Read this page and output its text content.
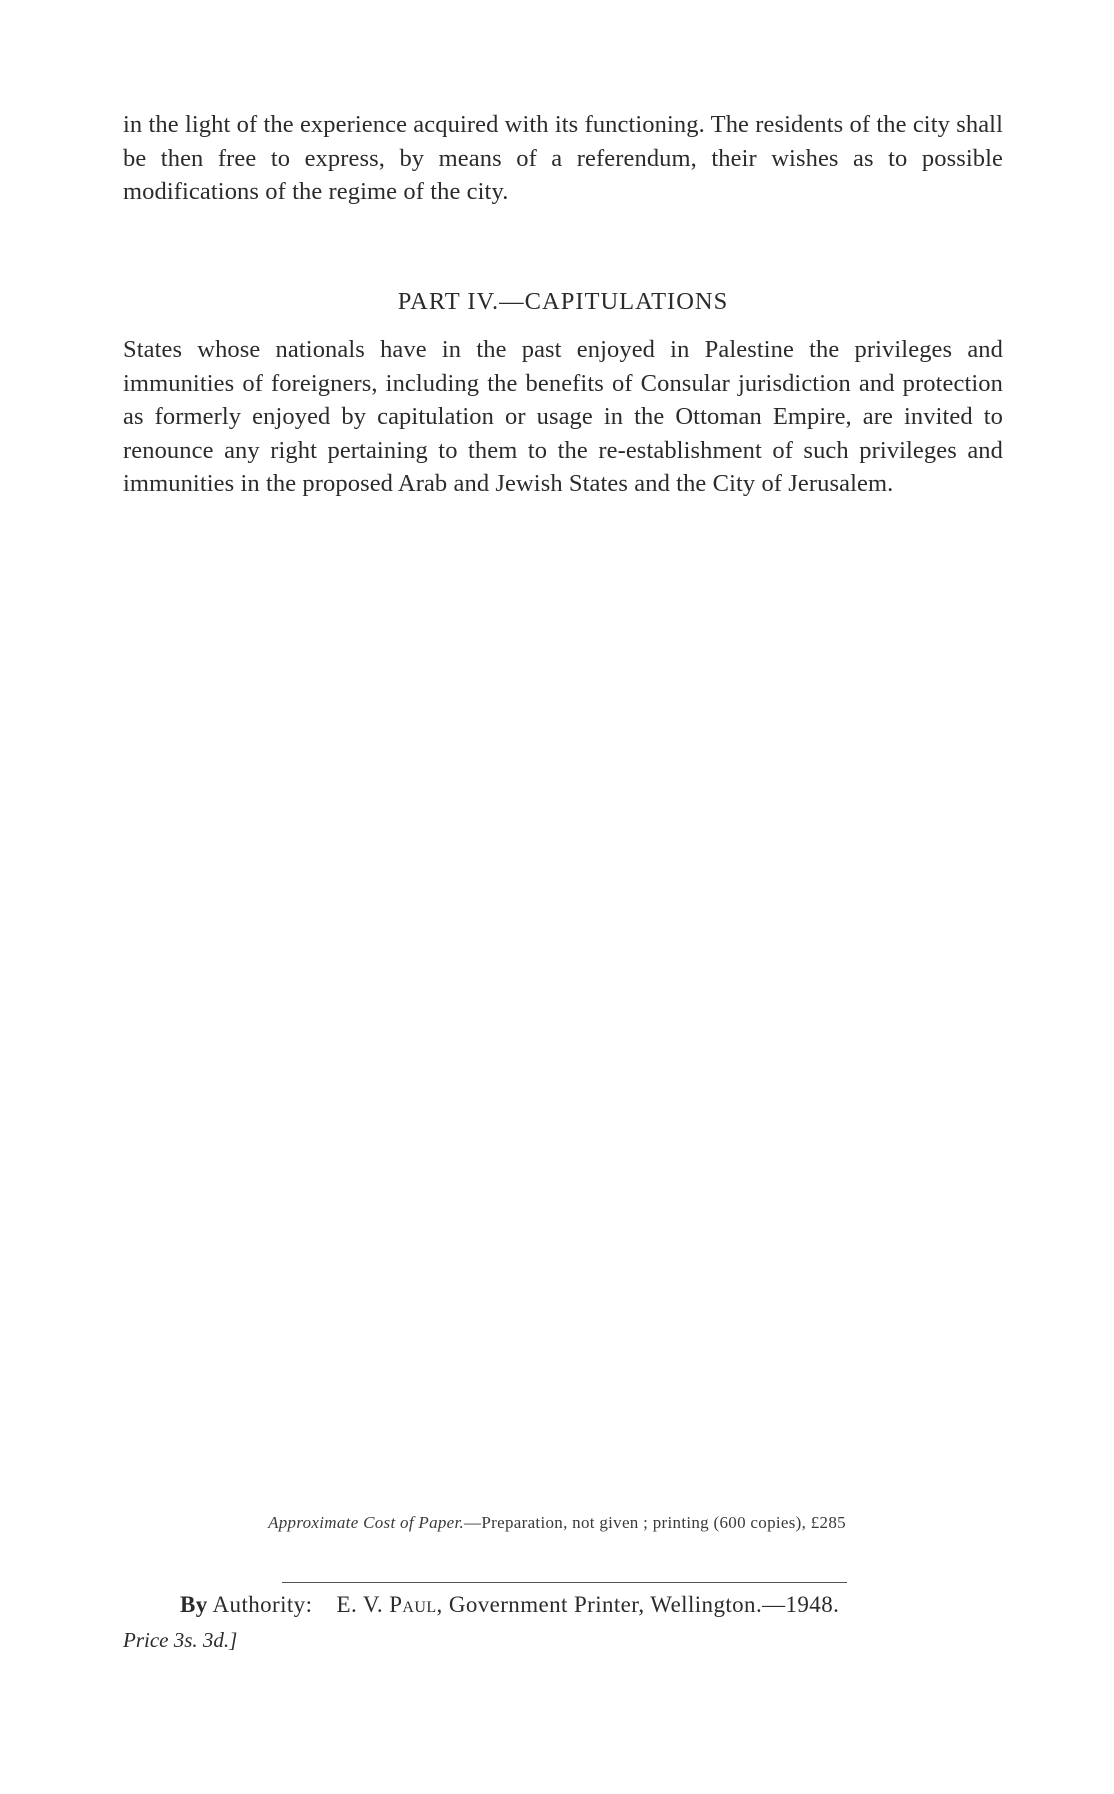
in the light of the experience acquired with its functioning. The residents of the city shall be then free to express, by means of a referendum, their wishes as to possible modifications of the regime of the city.

PART IV.—CAPITULATIONS

States whose nationals have in the past enjoyed in Palestine the privileges and immunities of foreigners, including the benefits of Consular jurisdiction and protection as formerly enjoyed by capitulation or usage in the Ottoman Empire, are invited to renounce any right pertaining to them to the re-establishment of such privileges and immunities in the proposed Arab and Jewish States and the City of Jerusalem.

Approximate Cost of Paper.—Preparation, not given ; printing (600 copies), £285
By Authority: E. V. Paul, Government Printer, Wellington.—1948.
Price 3s. 3d.]
